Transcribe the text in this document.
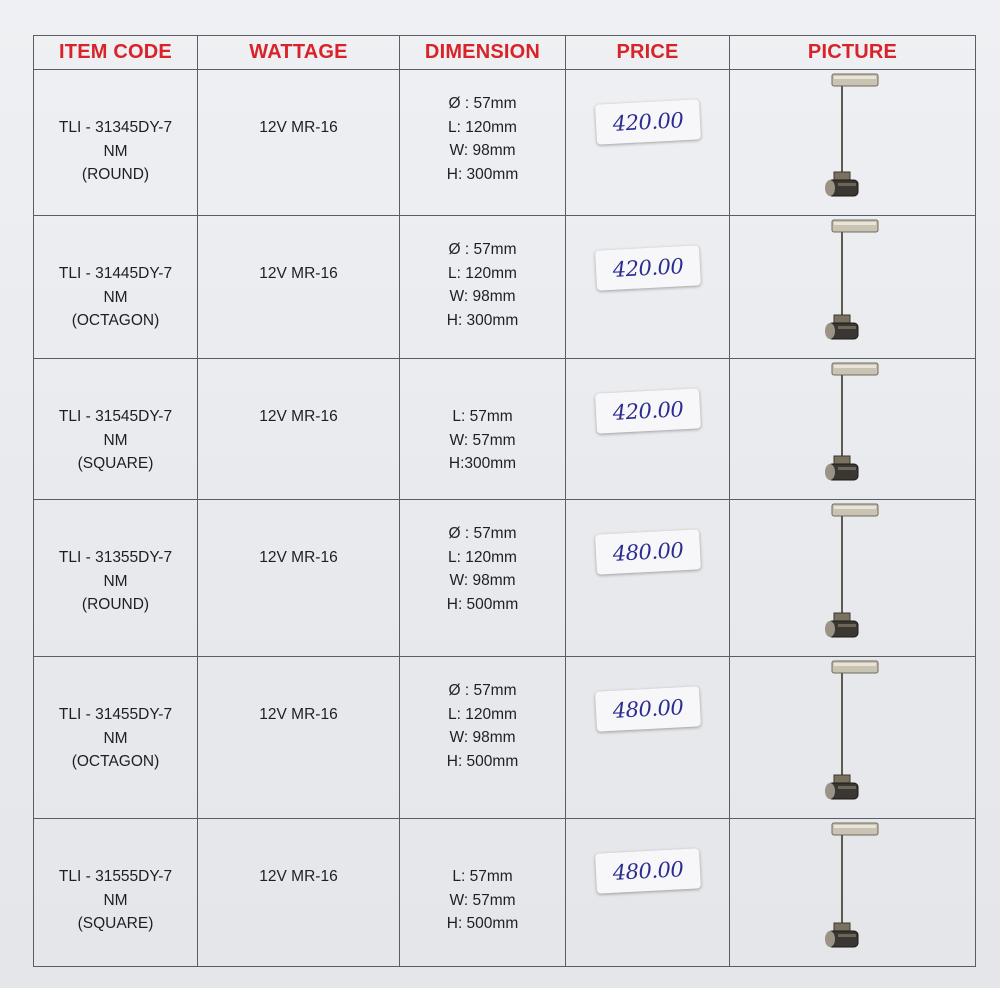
ITEM CODE	WATTAGE	DIMENSION	PRICE	PICTURE

TLI - 31345DY-7
NM
(ROUND)	12V MR-16	Ø : 57mm
L: 120mm
W: 98mm
H: 300mm	420.00	

TLI - 31445DY-7
NM
(OCTAGON)	12V MR-16	Ø : 57mm
L: 120mm
W: 98mm
H: 300mm	420.00	

TLI - 31545DY-7
NM
(SQUARE)	12V MR-16	L: 57mm
W: 57mm
H:300mm	420.00	

TLI - 31355DY-7
NM
(ROUND)	12V MR-16	Ø : 57mm
L: 120mm
W: 98mm
H: 500mm	480.00	

TLI - 31455DY-7
NM
(OCTAGON)	12V MR-16	Ø : 57mm
L: 120mm
W: 98mm
H: 500mm	480.00	

TLI - 31555DY-7
NM
(SQUARE)	12V MR-16	L: 57mm
W: 57mm
H: 500mm	480.00	
